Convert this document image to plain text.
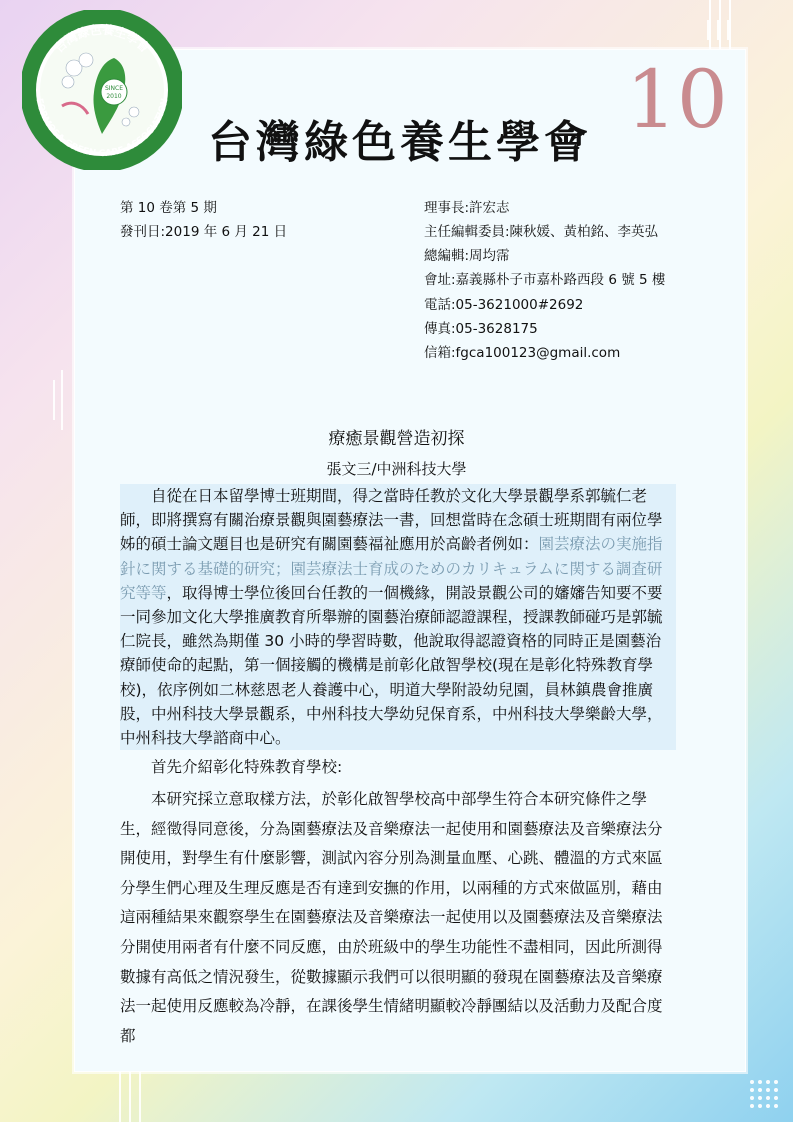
台灣綠色養生學會
FORMOSA GREEN CARE ASSOCIATION
SINCE
2010
台灣綠色養生學會 10
第 10 卷第 5 期
發刊日:2019 年 6 月 21 日
理事長:許宏志
主任編輯委員:陳秋媛、黃柏銘、李英弘
總編輯:周均霈
會址:嘉義縣朴子市嘉朴路西段 6 號 5 樓
電話:05-3621000#2692
傳真:05-3628175
信箱:fgca100123@gmail.com
療癒景觀營造初探
張文三/中洲科技大學

自從在日本留學博士班期間，得之當時任教於文化大學景觀學系郭毓仁老師，即將撰寫有關治療景觀與園藝療法一書，回想當時在念碩士班期間有兩位學姊的碩士論文題目也是研究有關園藝福祉應用於高齡者例如：園芸療法の実施指針に関する基礎的研究；園芸療法士育成のためのカリキュラムに関する調査研究等等，取得博士學位後回台任教的一個機緣，開設景觀公司的嬸嬸告知要不要一同參加文化大學推廣教育所舉辦的園藝治療師認證課程，授課教師碰巧是郭毓仁院長，雖然為期僅 30 小時的學習時數，他說取得認證資格的同時正是園藝治療師使命的起點，第一個接觸的機構是前彰化啟智學校(現在是彰化特殊教育學校)，依序例如二林慈恩老人養護中心，明道大學附設幼兒園，員林鎮農會推廣股，中州科技大學景觀系，中州科技大學幼兒保育系，中州科技大學樂齡大學，中州科技大學諮商中心。

首先介紹彰化特殊教育學校:

本研究採立意取樣方法，於彰化啟智學校高中部學生符合本研究條件之學生，經徵得同意後，分為園藝療法及音樂療法一起使用和園藝療法及音樂療法分開使用，對學生有什麼影響，測試內容分別為測量血壓、心跳、體溫的方式來區分學生們心理及生理反應是否有達到安撫的作用，以兩種的方式來做區別，藉由這兩種結果來觀察學生在園藝療法及音樂療法一起使用以及園藝療法及音樂療法分開使用兩者有什麼不同反應，由於班級中的學生功能性不盡相同，因此所測得數據有高低之情況發生，從數據顯示我們可以很明顯的發現在園藝療法及音樂療法一起使用反應較為冷靜，在課後學生情緒明顯較冷靜團結以及活動力及配合度都
